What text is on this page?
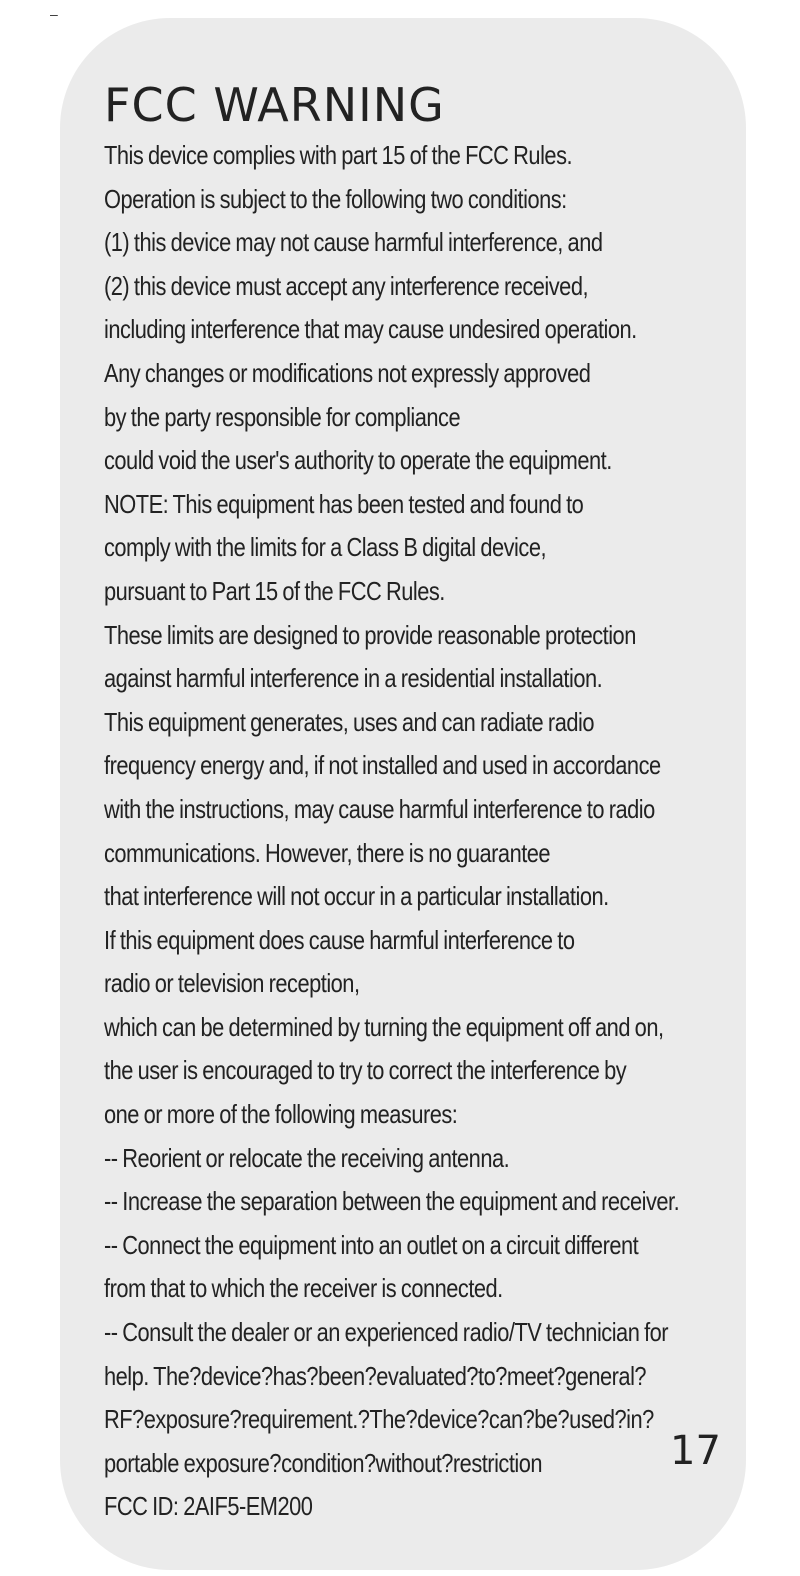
–
FCC WARNING
This device complies with part 15 of the FCC Rules.
Operation is subject to the following two conditions:
(1) this device may not cause harmful interference, and
(2) this device must accept any interference received,
including interference that may cause undesired operation.
Any changes or modifications not expressly approved
by the party responsible for compliance
could void the user's authority to operate the equipment.
NOTE: This equipment has been tested and found to
comply with the limits for a Class B digital device,
pursuant to Part 15 of the FCC Rules.
These limits are designed to provide reasonable protection
against harmful interference in a residential installation.
This equipment generates, uses and can radiate radio
frequency energy and, if not installed and used in accordance
with the instructions, may cause harmful interference to radio
communications. However, there is no guarantee
that interference will not occur in a particular installation.
If this equipment does cause harmful interference to
radio or television reception,
which can be determined by turning the equipment off and on,
the user is encouraged to try to correct the interference by
one or more of the following measures:
-- Reorient or relocate the receiving antenna.
-- Increase the separation between the equipment and receiver.
-- Connect the equipment into an outlet on a circuit different
from that to which the receiver is connected.
-- Consult the dealer or an experienced radio/TV technician for
help. The?device?has?been?evaluated?to?meet?general?
RF?exposure?requirement.?The?device?can?be?used?in?
portable exposure?condition?without?restriction
FCC ID: 2AIF5-EM200
17
